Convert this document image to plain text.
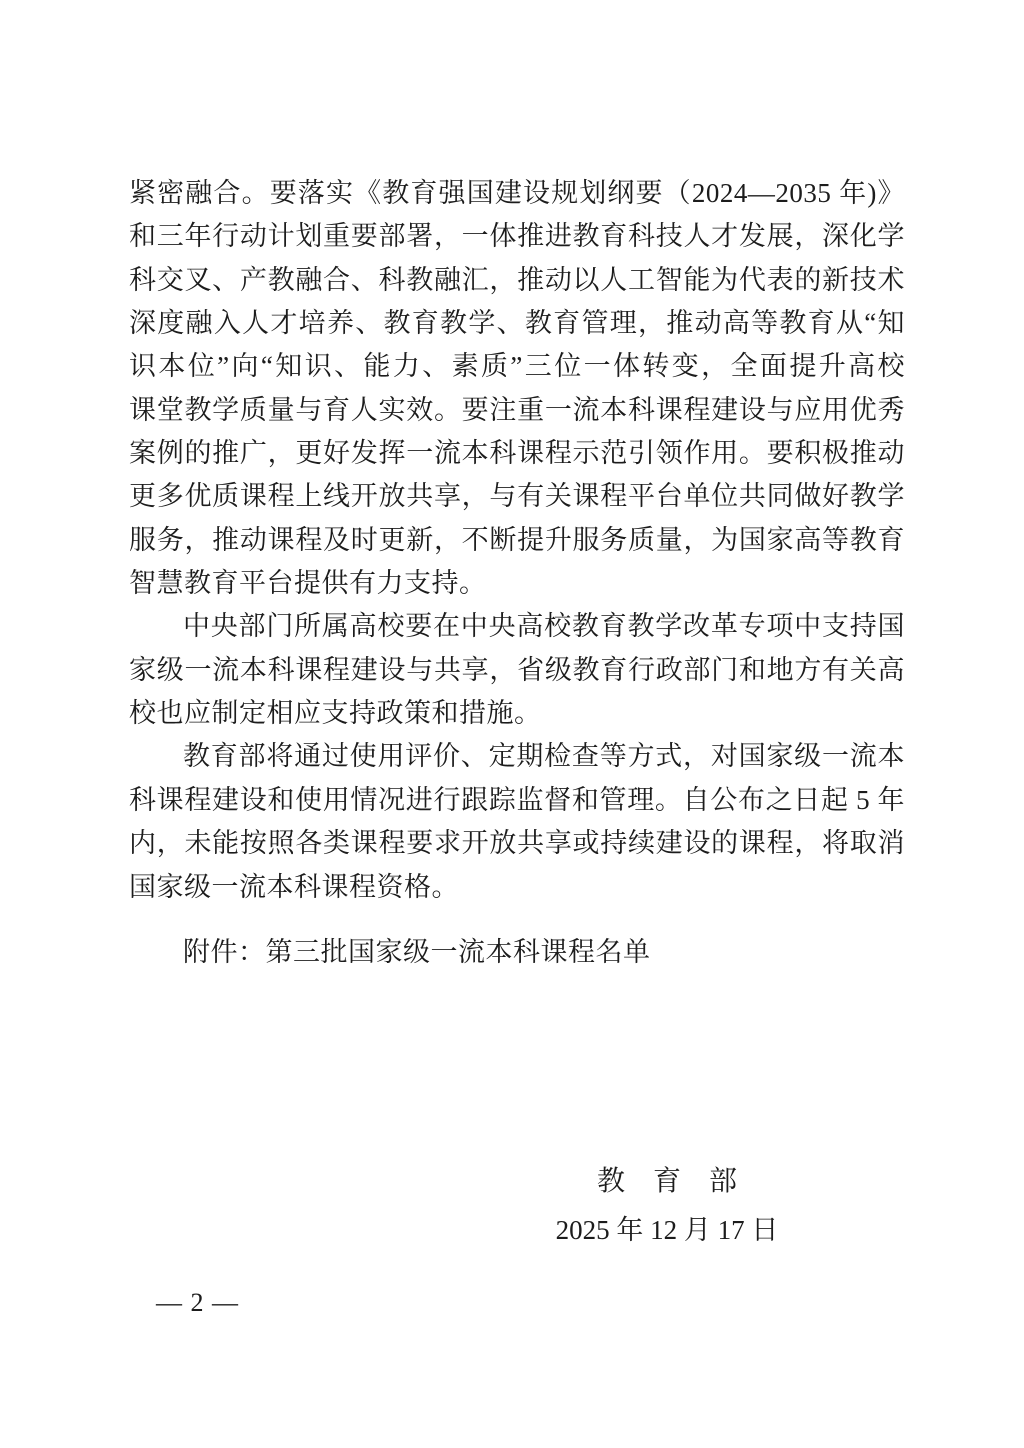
紧密融合。要落实《教育强国建设规划纲要（2024—2035 年)》

和三年行动计划重要部署，一体推进教育科技人才发展，深化学

科交叉、产教融合、科教融汇，推动以人工智能为代表的新技术

深度融入人才培养、教育教学、教育管理，推动高等教育从“知

识本位”向“知识、能力、素质”三位一体转变，全面提升高校

课堂教学质量与育人实效。要注重一流本科课程建设与应用优秀

案例的推广，更好发挥一流本科课程示范引领作用。要积极推动

更多优质课程上线开放共享，与有关课程平台单位共同做好教学

服务，推动课程及时更新，不断提升服务质量，为国家高等教育

智慧教育平台提供有力支持。

中央部门所属高校要在中央高校教育教学改革专项中支持国

家级一流本科课程建设与共享，省级教育行政部门和地方有关高

校也应制定相应支持政策和措施。

教育部将通过使用评价、定期检查等方式，对国家级一流本

科课程建设和使用情况进行跟踪监督和管理。自公布之日起 5 年

内，未能按照各类课程要求开放共享或持续建设的课程，将取消

国家级一流本科课程资格。

附件：第三批国家级一流本科课程名单

教　育　部
2025 年 12 月 17 日
— 2 —
